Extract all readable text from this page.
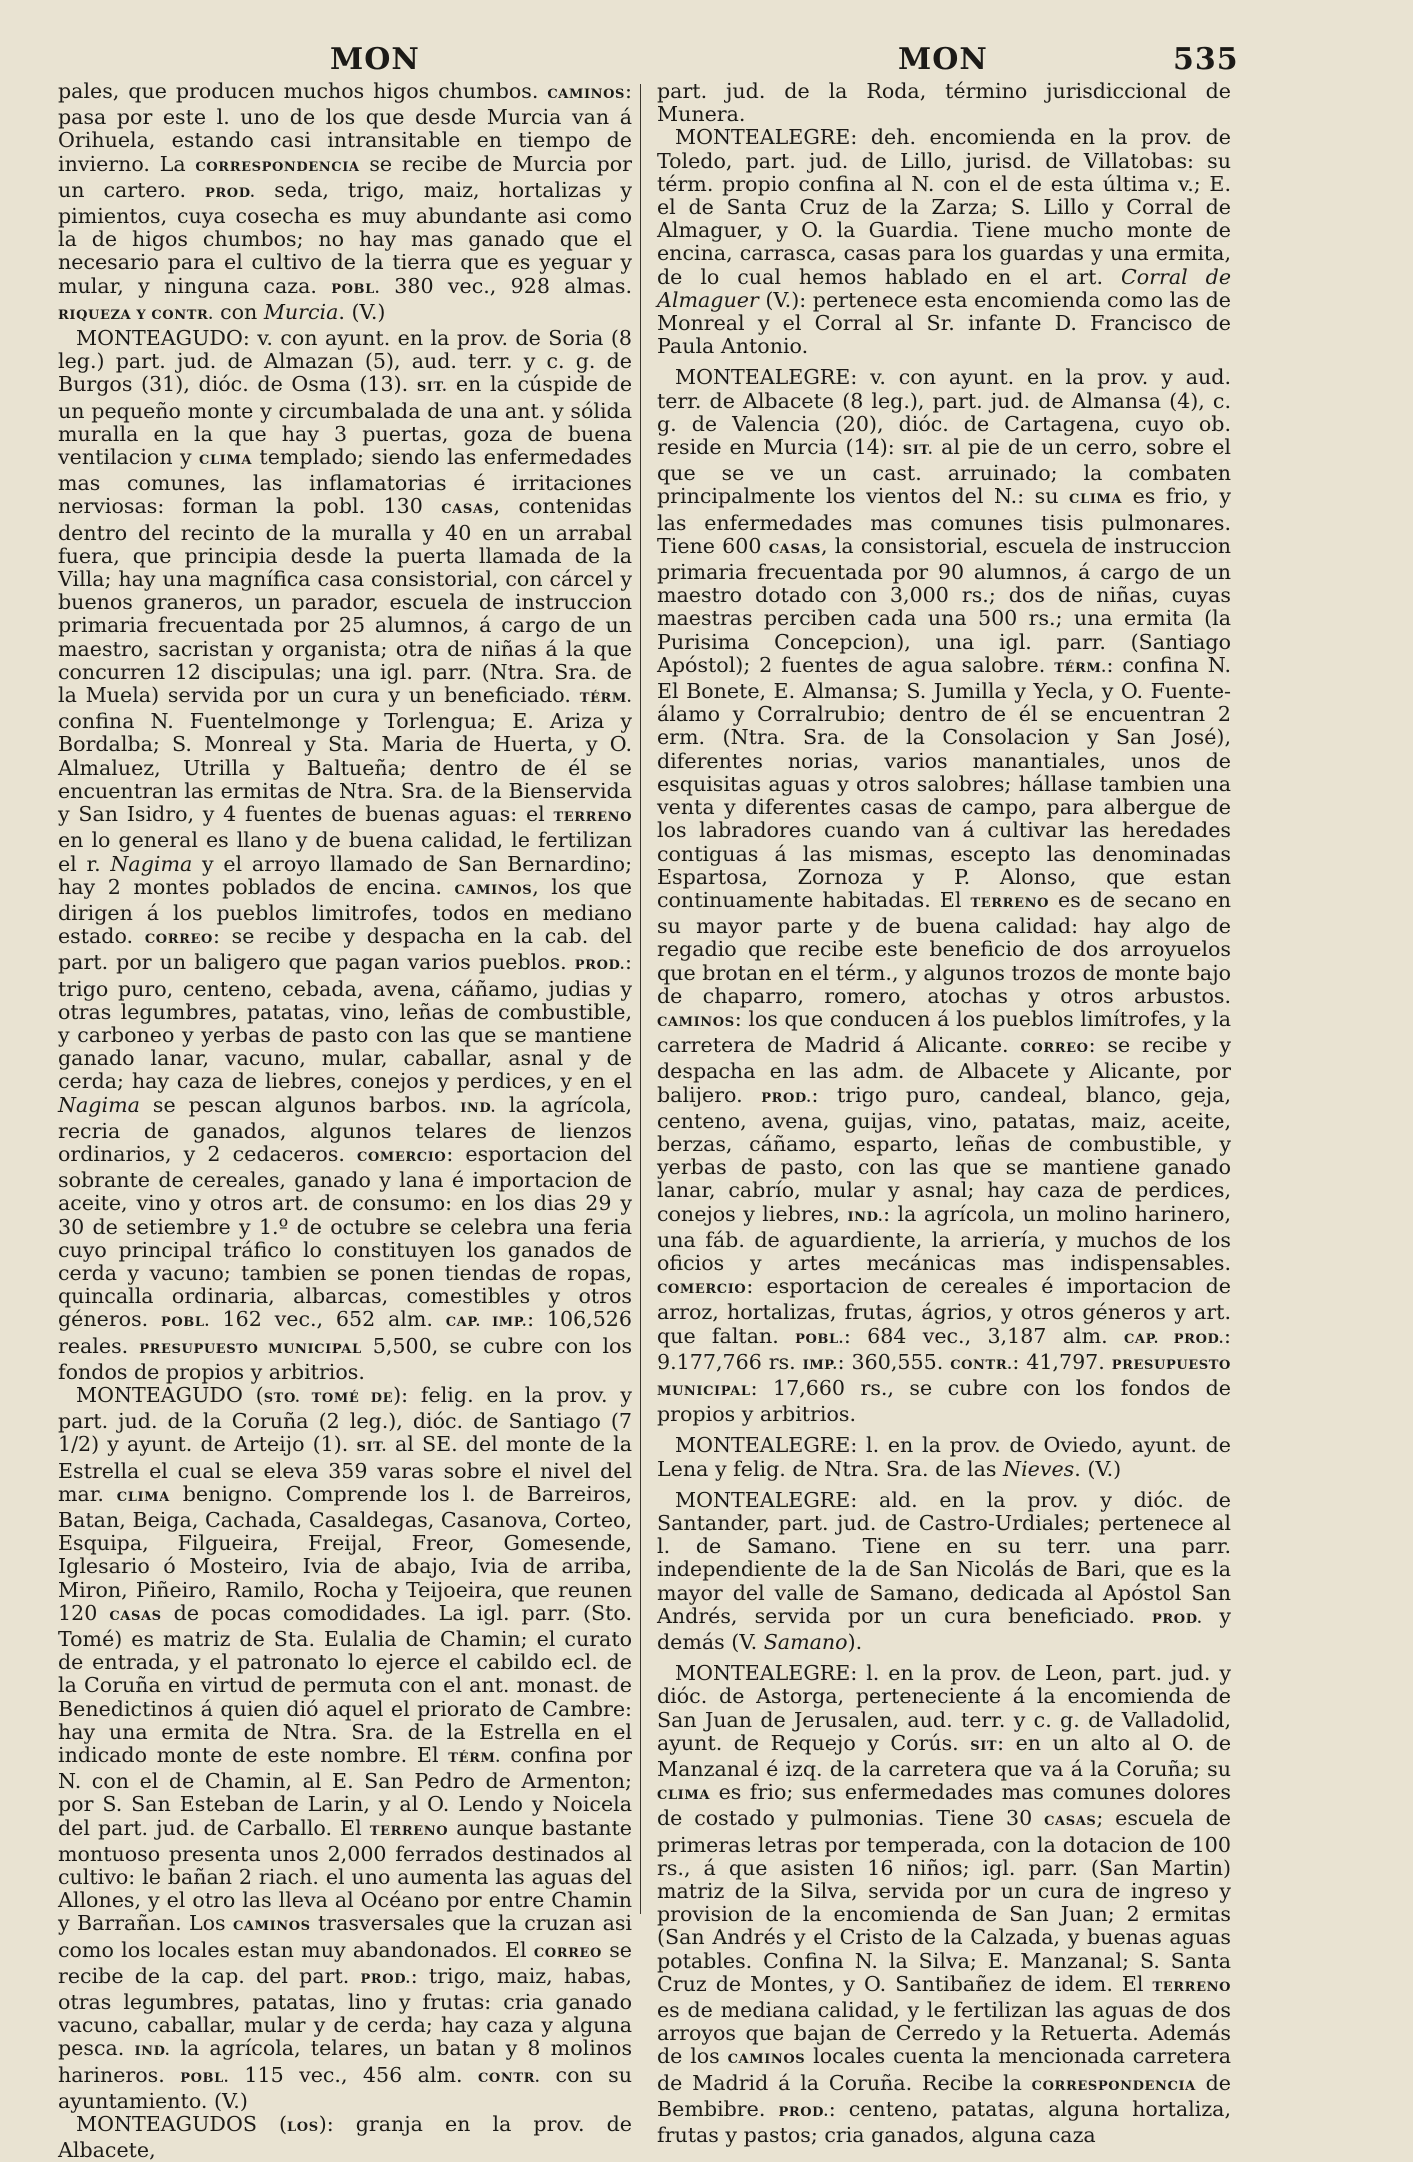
MON	MON	535

pales, que producen muchos higos chumbos. CAMINOS: pasa por este l. uno de los que desde Murcia van á Orihuela, estando casi intransitable en tiempo de invierno. La CORRESPONDENCIA se recibe de Murcia por un cartero. PROD. seda, trigo, maiz, hortalizas y pimientos, cuya cosecha es muy abundante asi como la de higos chumbos; no hay mas ganado que el necesario para el cultivo de la tierra que es yeguar y mular, y ninguna caza. POBL. 380 vec., 928 almas. RIQUEZA Y CONTR. con Murcia. (V.)

MONTEAGUDO: v. con ayunt. en la prov. de Soria (8 leg.) part. jud. de Almazan (5), aud. terr. y c. g. de Burgos (31), dióc. de Osma (13). SIT. en la cúspide de un pequeño monte y circumbalada de una ant. y sólida muralla en la que hay 3 puertas, goza de buena ventilacion y CLIMA templado; siendo las enfermedades mas comunes, las inflamatorias é irritaciones nerviosas: forman la pobl. 130 CASAS, contenidas dentro del recinto de la muralla y 40 en un arrabal fuera, que principia desde la puerta llamada de la Villa; hay una magnífica casa consistorial, con cárcel y buenos graneros, un parador, escuela de instruccion primaria frecuentada por 25 alumnos, á cargo de un maestro, sacristan y organista; otra de niñas á la que concurren 12 discipulas; una igl. parr. (Ntra. Sra. de la Muela) servida por un cura y un beneficiado. TÉRM. confina N. Fuentelmonge y Torlengua; E. Ariza y Bordalba; S. Monreal y Sta. Maria de Huerta, y O. Almaluez, Utrilla y Baltueña; dentro de él se encuentran las ermitas de Ntra. Sra. de la Bienservida y San Isidro, y 4 fuentes de buenas aguas: el TERRENO en lo general es llano y de buena calidad, le fertilizan el r. Nagima y el arroyo llamado de San Bernardino; hay 2 montes poblados de encina. CAMINOS, los que dirigen á los pueblos limitrofes, todos en mediano estado. CORREO: se recibe y despacha en la cab. del part. por un baligero que pagan varios pueblos. PROD.: trigo puro, centeno, cebada, avena, cáñamo, judias y otras legumbres, patatas, vino, leñas de combustible, y carboneo y yerbas de pasto con las que se mantiene ganado lanar, vacuno, mular, caballar, asnal y de cerda; hay caza de liebres, conejos y perdices, y en el Nagima se pescan algunos barbos. IND. la agrícola, recria de ganados, algunos telares de lienzos ordinarios, y 2 cedaceros. COMERCIO: esportacion del sobrante de cereales, ganado y lana é importacion de aceite, vino y otros art. de consumo: en los dias 29 y 30 de setiembre y 1.º de octubre se celebra una feria cuyo principal tráfico lo constituyen los ganados de cerda y vacuno; tambien se ponen tiendas de ropas, quincalla ordinaria, albarcas, comestibles y otros géneros. POBL. 162 vec., 652 alm. CAP. IMP.: 106,526 reales. PRESUPUESTO MUNICIPAL 5,500, se cubre con los fondos de propios y arbitrios.

MONTEAGUDO (STO. TOMÉ DE): felig. en la prov. y part. jud. de la Coruña (2 leg.), dióc. de Santiago (7 1/2) y ayunt. de Arteijo (1). SIT. al SE. del monte de la Estrella el cual se eleva 359 varas sobre el nivel del mar. CLIMA benigno. Comprende los l. de Barreiros, Batan, Beiga, Cachada, Casaldegas, Casanova, Corteo, Esquipa, Filgueira, Freijal, Freor, Gomesende, Iglesario ó Mosteiro, Ivia de abajo, Ivia de arriba, Miron, Piñeiro, Ramilo, Rocha y Teijoeira, que reunen 120 CASAS de pocas comodidades. La igl. parr. (Sto. Tomé) es matriz de Sta. Eulalia de Chamin; el curato de entrada, y el patronato lo ejerce el cabildo ecl. de la Coruña en virtud de permuta con el ant. monast. de Benedictinos á quien dió aquel el priorato de Cambre: hay una ermita de Ntra. Sra. de la Estrella en el indicado monte de este nombre. El TÉRM. confina por N. con el de Chamin, al E. San Pedro de Armenton; por S. San Esteban de Larin, y al O. Lendo y Noicela del part. jud. de Carballo. El TERRENO aunque bastante montuoso presenta unos 2,000 ferrados destinados al cultivo: le bañan 2 riach. el uno aumenta las aguas del Allones, y el otro las lleva al Océano por entre Chamin y Barrañan. Los CAMINOS trasversales que la cruzan asi como los locales estan muy abandonados. El CORREO se recibe de la cap. del part. PROD.: trigo, maiz, habas, otras legumbres, patatas, lino y frutas: cria ganado vacuno, caballar, mular y de cerda; hay caza y alguna pesca. IND. la agrícola, telares, un batan y 8 molinos harineros. POBL. 115 vec., 456 alm. CONTR. con su ayuntamiento. (V.)

MONTEAGUDOS (LOS): granja en la prov. de Albacete,

part. jud. de la Roda, término jurisdiccional de Munera.

MONTEALEGRE: deh. encomienda en la prov. de Toledo, part. jud. de Lillo, jurisd. de Villatobas: su térm. propio confina al N. con el de esta última v.; E. el de Santa Cruz de la Zarza; S. Lillo y Corral de Almaguer, y O. la Guardia. Tiene mucho monte de encina, carrasca, casas para los guardas y una ermita, de lo cual hemos hablado en el art. Corral de Almaguer (V.): pertenece esta encomienda como las de Monreal y el Corral al Sr. infante D. Francisco de Paula Antonio.

MONTEALEGRE: v. con ayunt. en la prov. y aud. terr. de Albacete (8 leg.), part. jud. de Almansa (4), c. g. de Valencia (20), dióc. de Cartagena, cuyo ob. reside en Murcia (14): SIT. al pie de un cerro, sobre el que se ve un cast. arruinado; la combaten principalmente los vientos del N.: su CLIMA es frio, y las enfermedades mas comunes tisis pulmonares. Tiene 600 CASAS, la consistorial, escuela de instruccion primaria frecuentada por 90 alumnos, á cargo de un maestro dotado con 3,000 rs.; dos de niñas, cuyas maestras perciben cada una 500 rs.; una ermita (la Purisima Concepcion), una igl. parr. (Santiago Apóstol); 2 fuentes de agua salobre. TÉRM.: confina N. El Bonete, E. Almansa; S. Jumilla y Yecla, y O. Fuente-álamo y Corralrubio; dentro de él se encuentran 2 erm. (Ntra. Sra. de la Consolacion y San José), diferentes norias, varios manantiales, unos de esquisitas aguas y otros salobres; hállase tambien una venta y diferentes casas de campo, para albergue de los labradores cuando van á cultivar las heredades contiguas á las mismas, escepto las denominadas Espartosa, Zornoza y P. Alonso, que estan continuamente habitadas. El TERRENO es de secano en su mayor parte y de buena calidad: hay algo de regadio que recibe este beneficio de dos arroyuelos que brotan en el térm., y algunos trozos de monte bajo de chaparro, romero, atochas y otros arbustos. CAMINOS: los que conducen á los pueblos limítrofes, y la carretera de Madrid á Alicante. CORREO: se recibe y despacha en las adm. de Albacete y Alicante, por balijero. PROD.: trigo puro, candeal, blanco, geja, centeno, avena, guijas, vino, patatas, maiz, aceite, berzas, cáñamo, esparto, leñas de combustible, y yerbas de pasto, con las que se mantiene ganado lanar, cabrío, mular y asnal; hay caza de perdices, conejos y liebres, IND.: la agrícola, un molino harinero, una fáb. de aguardiente, la arriería, y muchos de los oficios y artes mecánicas mas indispensables. COMERCIO: esportacion de cereales é importacion de arroz, hortalizas, frutas, ágrios, y otros géneros y art. que faltan. POBL.: 684 vec., 3,187 alm. CAP. PROD.: 9.177,766 rs. IMP.: 360,555. CONTR.: 41,797. PRESUPUESTO MUNICIPAL: 17,660 rs., se cubre con los fondos de propios y arbitrios.

MONTEALEGRE: l. en la prov. de Oviedo, ayunt. de Lena y felig. de Ntra. Sra. de las Nieves. (V.)

MONTEALEGRE: ald. en la prov. y dióc. de Santander, part. jud. de Castro-Urdiales; pertenece al l. de Samano. Tiene en su terr. una parr. independiente de la de San Nicolás de Bari, que es la mayor del valle de Samano, dedicada al Apóstol San Andrés, servida por un cura beneficiado. PROD. y demás (V. Samano).

MONTEALEGRE: l. en la prov. de Leon, part. jud. y dióc. de Astorga, perteneciente á la encomienda de San Juan de Jerusalen, aud. terr. y c. g. de Valladolid, ayunt. de Requejo y Corús. SIT: en un alto al O. de Manzanal é izq. de la carretera que va á la Coruña; su CLIMA es frio; sus enfermedades mas comunes dolores de costado y pulmonias. Tiene 30 CASAS; escuela de primeras letras por temperada, con la dotacion de 100 rs., á que asisten 16 niños; igl. parr. (San Martin) matriz de la Silva, servida por un cura de ingreso y provision de la encomienda de San Juan; 2 ermitas (San Andrés y el Cristo de la Calzada, y buenas aguas potables. Confina N. la Silva; E. Manzanal; S. Santa Cruz de Montes, y O. Santibañez de idem. El TERRENO es de mediana calidad, y le fertilizan las aguas de dos arroyos que bajan de Cerredo y la Retuerta. Además de los CAMINOS locales cuenta la mencionada carretera de Madrid á la Coruña. Recibe la CORRESPONDENCIA de Bembibre. PROD.: centeno, patatas, alguna hortaliza, frutas y pastos; cria ganados, alguna caza
